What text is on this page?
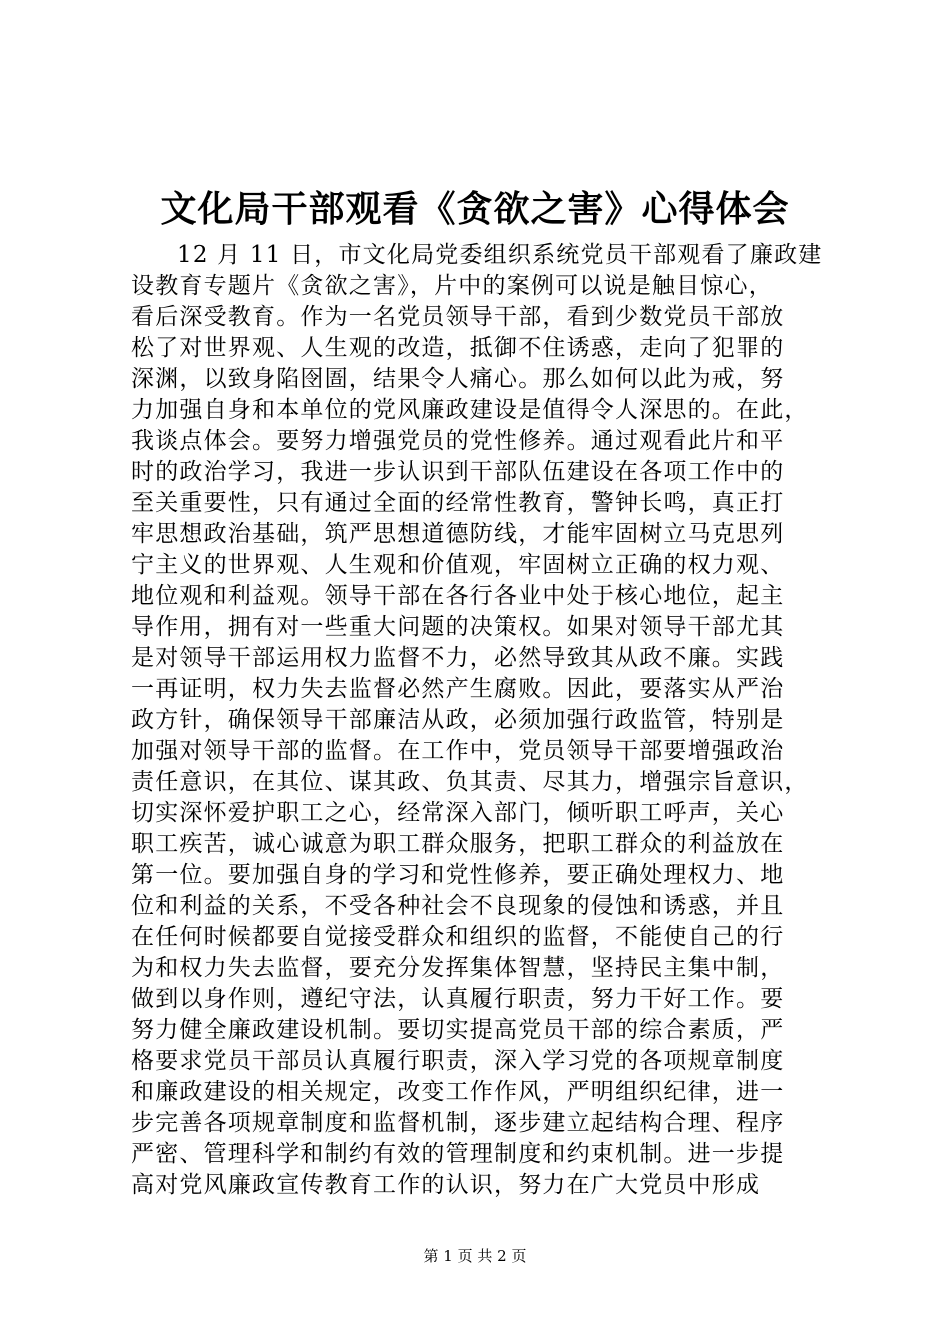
文化局干部观看《贪欲之害》心得体会
12 月 11 日，市文化局党委组织系统党员干部观看了廉政建
设教育专题片《贪欲之害》，片中的案例可以说是触目惊心，
看后深受教育。作为一名党员领导干部，看到少数党员干部放
松了对世界观、人生观的改造，抵御不住诱惑，走向了犯罪的
深渊，以致身陷囹圄，结果令人痛心。那么如何以此为戒，努
力加强自身和本单位的党风廉政建设是值得令人深思的。在此，
我谈点体会。要努力增强党员的党性修养。通过观看此片和平
时的政治学习，我进一步认识到干部队伍建设在各项工作中的
至关重要性，只有通过全面的经常性教育，警钟长鸣，真正打
牢思想政治基础，筑严思想道德防线，才能牢固树立马克思列
宁主义的世界观、人生观和价值观，牢固树立正确的权力观、
地位观和利益观。领导干部在各行各业中处于核心地位，起主
导作用，拥有对一些重大问题的决策权。如果对领导干部尤其
是对领导干部运用权力监督不力，必然导致其从政不廉。实践
一再证明，权力失去监督必然产生腐败。因此，要落实从严治
政方针，确保领导干部廉洁从政，必须加强行政监管，特别是
加强对领导干部的监督。在工作中，党员领导干部要增强政治
责任意识，在其位、谋其政、负其责、尽其力，增强宗旨意识，
切实深怀爱护职工之心，经常深入部门，倾听职工呼声，关心
职工疾苦，诚心诚意为职工群众服务，把职工群众的利益放在
第一位。要加强自身的学习和党性修养，要正确处理权力、地
位和利益的关系，不受各种社会不良现象的侵蚀和诱惑，并且
在任何时候都要自觉接受群众和组织的监督，不能使自己的行
为和权力失去监督，要充分发挥集体智慧，坚持民主集中制，
做到以身作则，遵纪守法，认真履行职责，努力干好工作。要
努力健全廉政建设机制。要切实提高党员干部的综合素质，严
格要求党员干部员认真履行职责，深入学习党的各项规章制度
和廉政建设的相关规定，改变工作作风，严明组织纪律，进一
步完善各项规章制度和监督机制，逐步建立起结构合理、程序
严密、管理科学和制约有效的管理制度和约束机制。进一步提
高对党风廉政宣传教育工作的认识，努力在广大党员中形成
第 1 页 共 2 页
